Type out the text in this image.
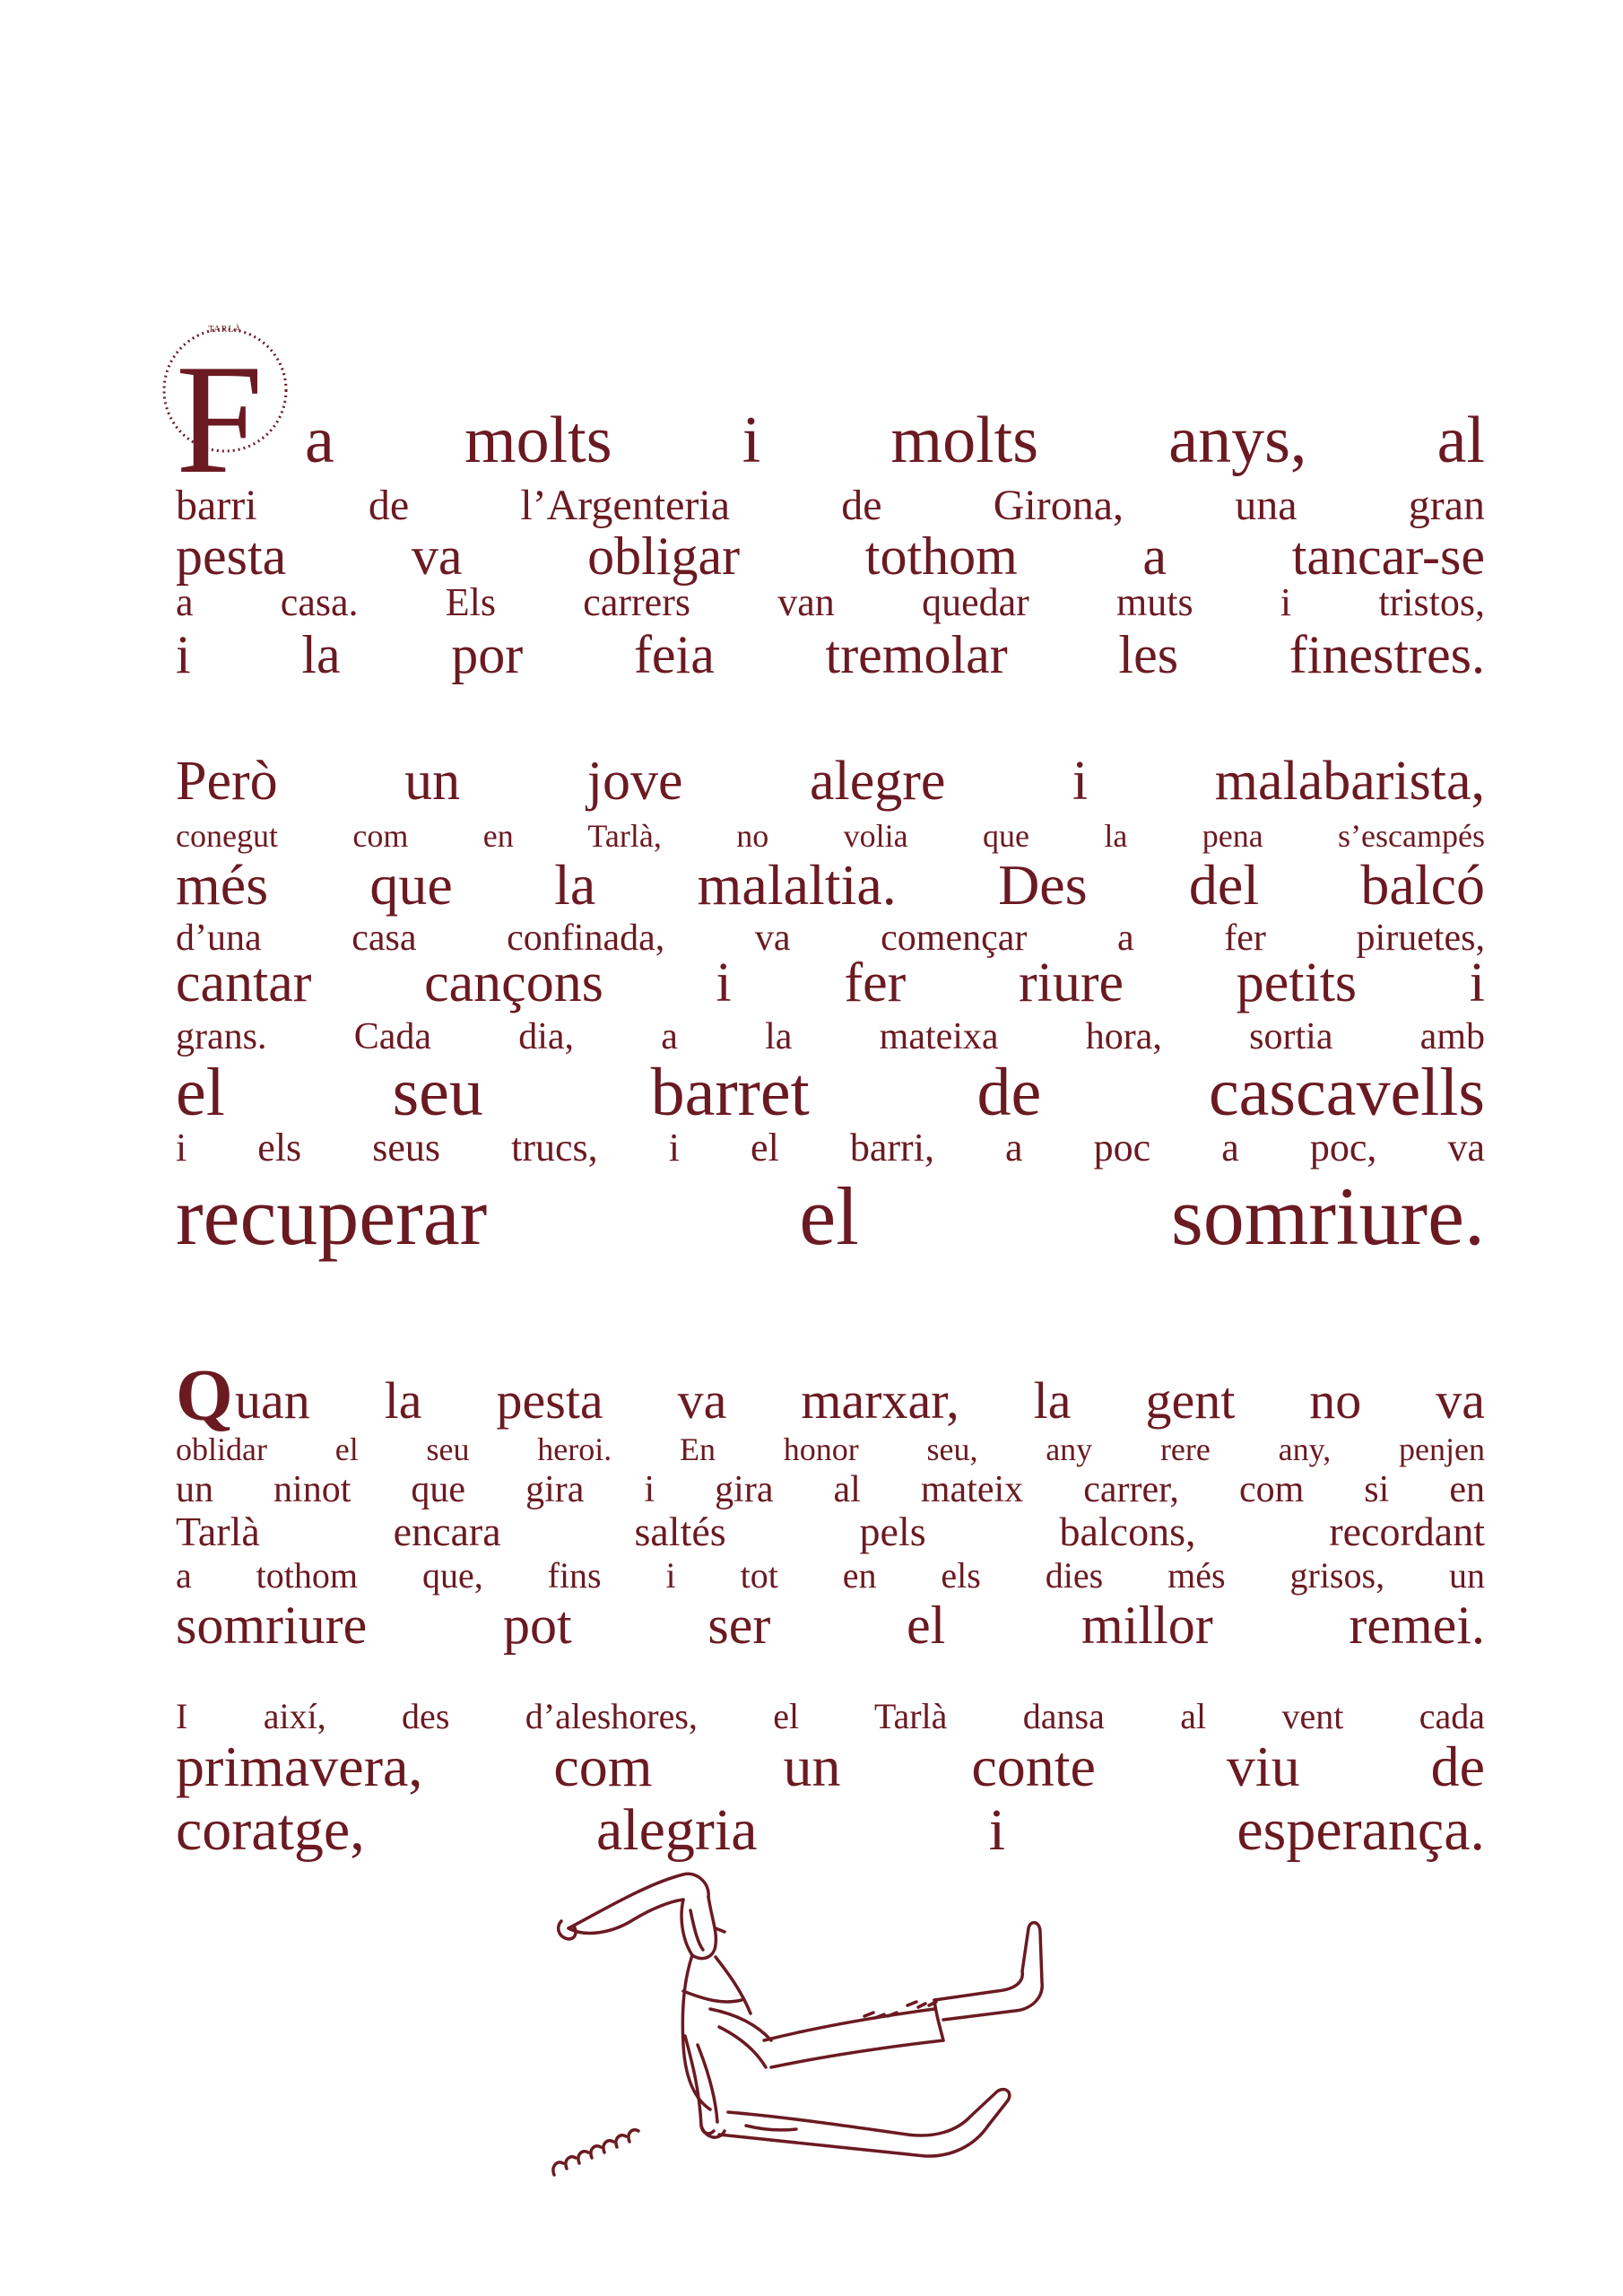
TARLÀ
F a molts i molts anys, al
barri de l’Argenteria de Girona, una gran
pesta va obligar tothom a tancar-se
a casa. Els carrers van quedar muts i tristos,
i la por feia tremolar les finestres.
Però un jove alegre i malabarista,
conegut com en Tarlà, no volia que la pena s’escampés
més que la malaltia. Des del balcó
d’una casa confinada, va començar a fer piruetes,
cantar cançons i fer riure petits i
grans. Cada dia, a la mateixa hora, sortia amb
el seu barret de cascavells
i els seus trucs, i el barri, a poc a poc, va
recuperar el somriure.
Q uan la pesta va marxar, la gent no va
oblidar el seu heroi. En honor seu, any rere any, penjen
un ninot que gira i gira al mateix carrer, com si en
Tarlà encara saltés pels balcons, recordant
a tothom que, fins i tot en els dies més grisos, un
somriure pot ser el millor remei.
I així, des d’aleshores, el Tarlà dansa al vent cada
primavera, com un conte viu de
coratge, alegria i esperança.
